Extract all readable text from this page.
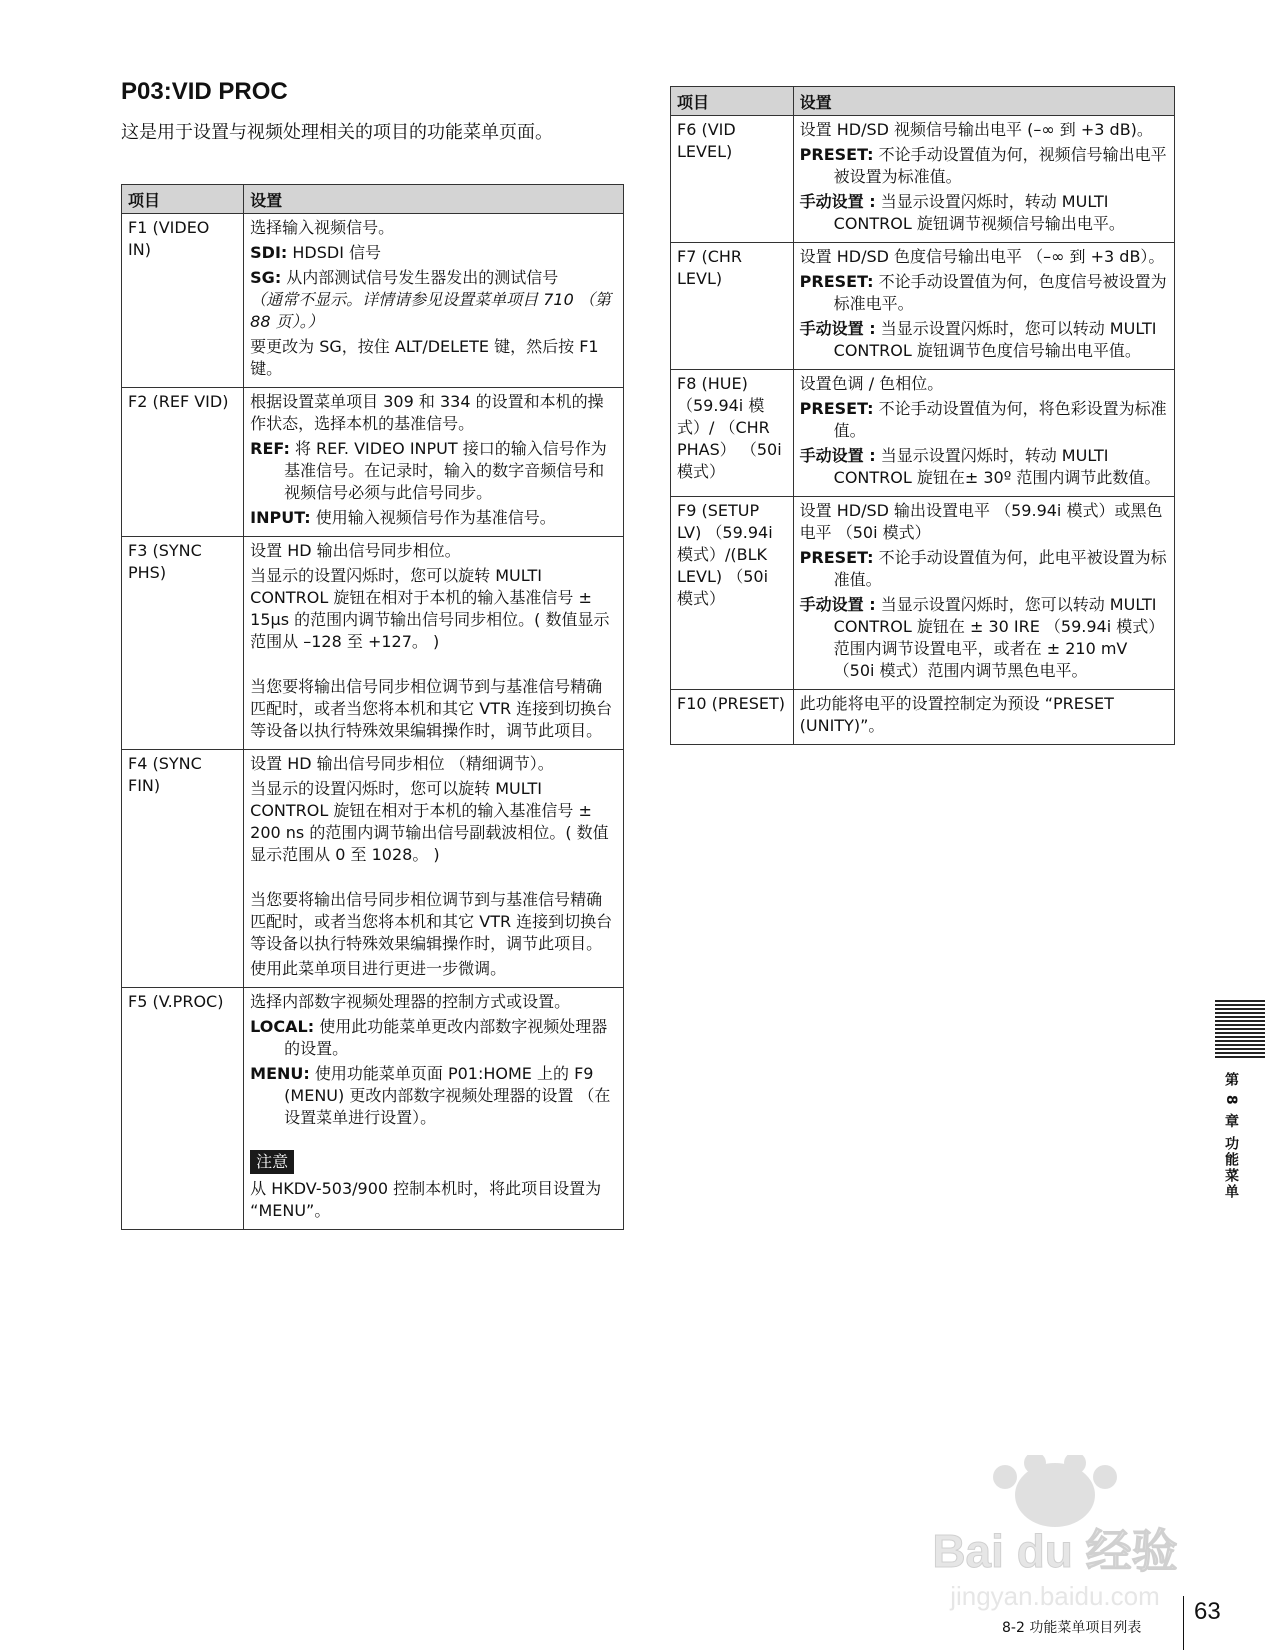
P03:VID PROC
这是用于设置与视频处理相关的项目的功能菜单页面。
项目	设置
F1 (VIDEO IN)	选择输入视频信号。

SDI: HDSDI 信号

SG: 从内部测试信号发生器发出的测试信号

（通常不显示。详情请参见设置菜单项目 710 （第 88 页）。）

要更改为 SG，按住 ALT/DELETE 键，然后按 F1 键。

F2 (REF VID)	根据设置菜单项目 309 和 334 的设置和本机的操作状态，选择本机的基准信号。

REF: 将 REF. VIDEO INPUT 接口的输入信号作为基准信号。在记录时，输入的数字音频信号和视频信号必须与此信号同步。

INPUT: 使用输入视频信号作为基准信号。

F3 (SYNC PHS)	设置 HD 输出信号同步相位。

当显示的设置闪烁时，您可以旋转 MULTI CONTROL 旋钮在相对于本机的输入基准信号 ± 15μs 的范围内调节输出信号同步相位。( 数值显示范围从 –128 至 +127。 )

当您要将输出信号同步相位调节到与基准信号精确匹配时，或者当您将本机和其它 VTR 连接到切换台等设备以执行特殊效果编辑操作时，调节此项目。

F4 (SYNC FIN)	设置 HD 输出信号同步相位 （精细调节）。

当显示的设置闪烁时，您可以旋转 MULTI CONTROL 旋钮在相对于本机的输入基准信号 ± 200 ns 的范围内调节输出信号副载波相位。( 数值显示范围从 0 至 1028。 )

当您要将输出信号同步相位调节到与基准信号精确匹配时，或者当您将本机和其它 VTR 连接到切换台等设备以执行特殊效果编辑操作时，调节此项目。

使用此菜单项目进行更进一步微调。

F5 (V.PROC)	选择内部数字视频处理器的控制方式或设置。

LOCAL: 使用此功能菜单更改内部数字视频处理器的设置。

MENU: 使用功能菜单页面 P01:HOME 上的 F9 (MENU) 更改内部数字视频处理器的设置 （在设置菜单进行设置）。

注意

从 HKDV-503/900 控制本机时，将此项目设置为 “MENU”。

项目	设置
F6 (VID LEVEL)	设置 HD/SD 视频信号输出电平 (–∞ 到 +3 dB)。

PRESET: 不论手动设置值为何，视频信号输出电平被设置为标准值。

手动设置 : 当显示设置闪烁时，转动 MULTI CONTROL 旋钮调节视频信号输出电平。

F7 (CHR LEVL)	设置 HD/SD 色度信号输出电平 （–∞ 到 +3 dB）。

PRESET: 不论手动设置值为何，色度信号被设置为标准电平。

手动设置 : 当显示设置闪烁时，您可以转动 MULTI CONTROL 旋钮调节色度信号输出电平值。

F8 (HUE) （59.94i 模式）/ （CHR PHAS） （50i 模式）	设置色调 / 色相位。

PRESET: 不论手动设置值为何，将色彩设置为标准值。

手动设置 : 当显示设置闪烁时，转动 MULTI CONTROL 旋钮在± 30º 范围内调节此数值。

F9 (SETUP LV) （59.94i 模式）/(BLK LEVL) （50i 模式）	设置 HD/SD 输出设置电平 （59.94i 模式）或黑色电平 （50i 模式）

PRESET: 不论手动设置值为何，此电平被设置为标准值。

手动设置 : 当显示设置闪烁时，您可以转动 MULTI CONTROL 旋钮在 ± 30 IRE （59.94i 模式）范围内调节设置电平，或者在 ± 210 mV （50i 模式）范围内调节黑色电平。

F10 (PRESET)	此功能将电平的设置控制定为预设 “PRESET (UNITY)”。

第 8 章 功能菜单
Bai du 经验
jingyan.baidu.com
8-2 功能菜单项目列表
63
